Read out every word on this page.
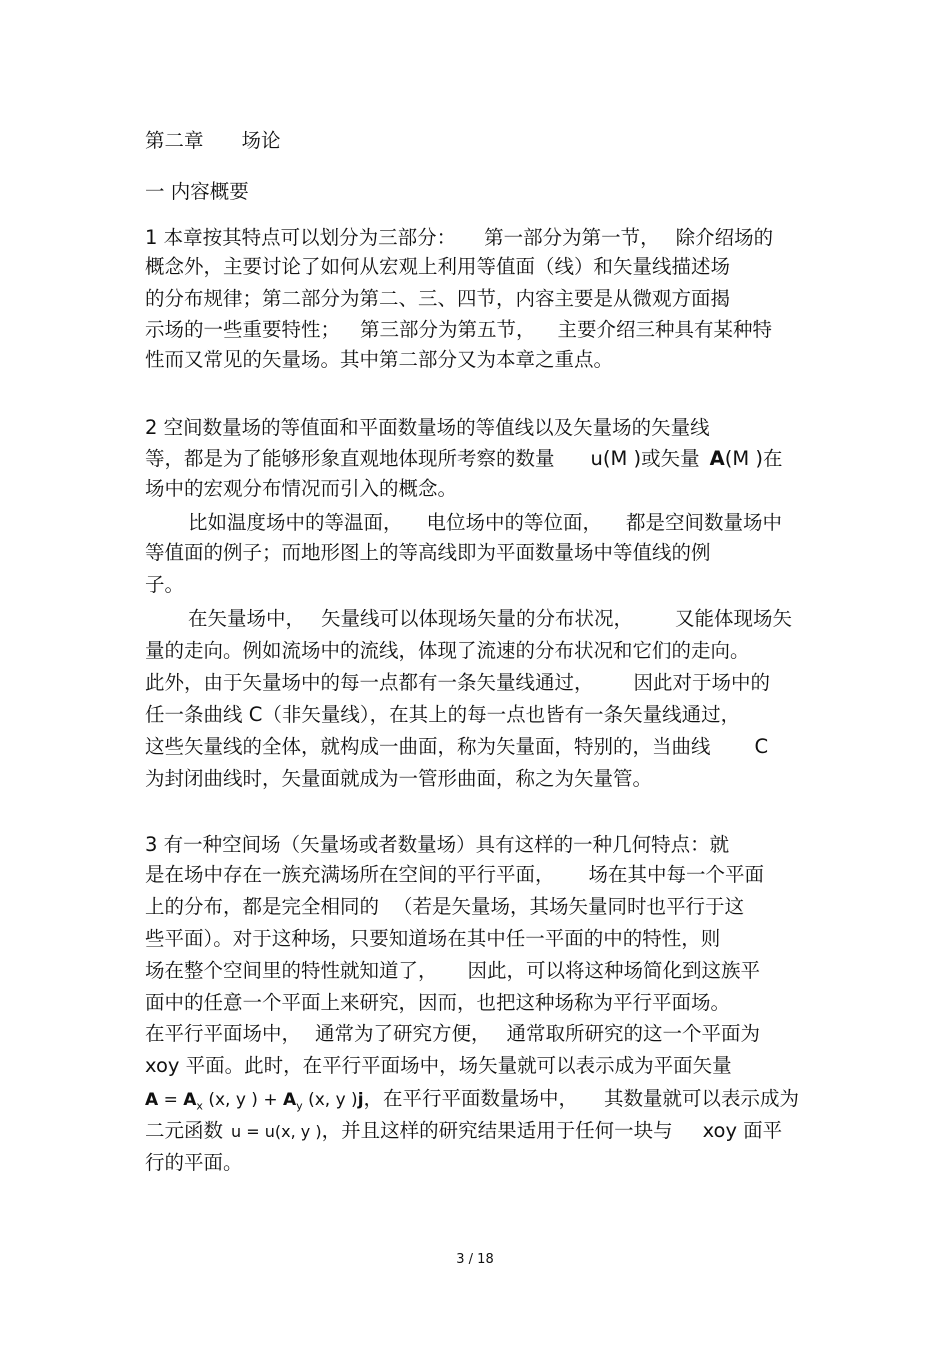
第二章 场论
一 内容概要
1 本章按其特点可以划分为三部分： 第一部分为第一节， 除介绍场的
概念外，主要讨论了如何从宏观上利用等值面（线）和矢量线描述场
的分布规律；第二部分为第二、三、四节，内容主要是从微观方面揭
示场的一些重要特性； 第三部分为第五节， 主要介绍三种具有某种特
性而又常见的矢量场。其中第二部分又为本章之重点。
2 空间数量场的等值面和平面数量场的等值线以及矢量场的矢量线
等，都是为了能够形象直观地体现所考察的数量 u(M )或矢量 A(M )在
场中的宏观分布情况而引入的概念。
比如温度场中的等温面， 电位场中的等位面， 都是空间数量场中
等值面的例子；而地形图上的等高线即为平面数量场中等值线的例
子。
在矢量场中， 矢量线可以体现场矢量的分布状况， 又能体现场矢
量的走向。例如流场中的流线，体现了流速的分布状况和它们的走向。
此外，由于矢量场中的每一点都有一条矢量线通过， 因此对于场中的
任一条曲线 C（非矢量线），在其上的每一点也皆有一条矢量线通过，
这些矢量线的全体，就构成一曲面，称为矢量面，特别的，当曲线 C
为封闭曲线时，矢量面就成为一管形曲面，称之为矢量管。
3 有一种空间场（矢量场或者数量场）具有这样的一种几何特点：就
是在场中存在一族充满场所在空间的平行平面， 场在其中每一个平面
上的分布，都是完全相同的 （若是矢量场，其场矢量同时也平行于这
些平面）。对于这种场，只要知道场在其中任一平面的中的特性，则
场在整个空间里的特性就知道了， 因此，可以将这种场简化到这族平
面中的任意一个平面上来研究，因而，也把这种场称为平行平面场。
在平行平面场中， 通常为了研究方便， 通常取所研究的这一个平面为
xoy 平面。此时，在平行平面场中，场矢量就可以表示成为平面矢量
$A = A_x$ (x, y ) + $A_y$ (x, y )j，在平行平面数量场中， 其数量就可以表示成为
二元函数 u = u(x, y )，并且这样的研究结果适用于任何一块与 xoy 面平
行的平面。
3 / 18
